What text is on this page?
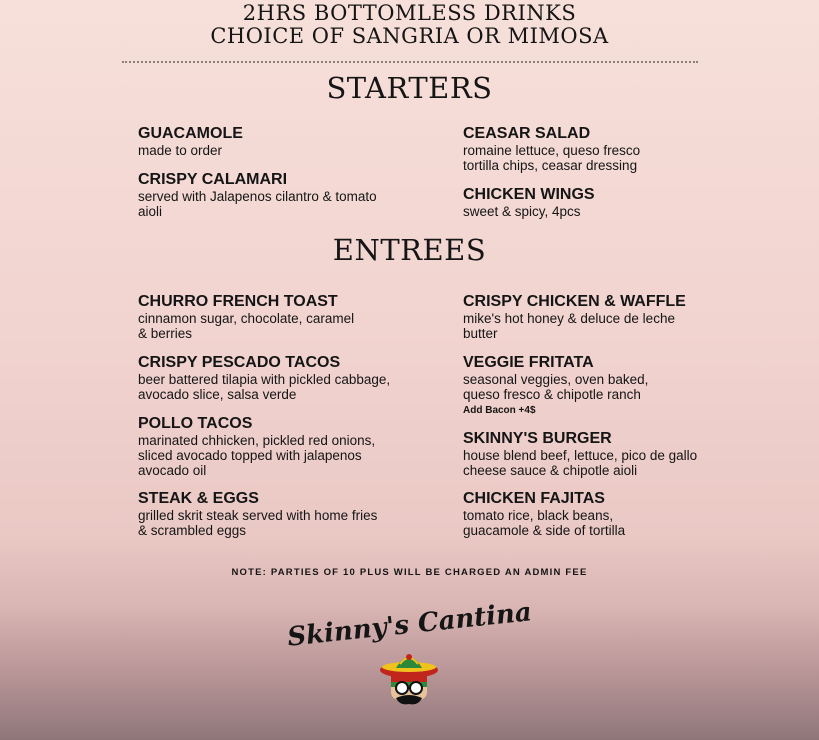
2HRS BOTTOMLESS DRINKS
CHOICE OF SANGRIA OR MIMOSA
STARTERS
GUACAMOLE
made to order
CRISPY CALAMARI
served with Jalapenos cilantro & tomato
aioli
CEASAR SALAD
romaine lettuce, queso fresco
tortilla chips, ceasar dressing
CHICKEN WINGS
sweet & spicy, 4pcs
ENTREES
CHURRO FRENCH TOAST
cinnamon sugar, chocolate, caramel
& berries
CRISPY PESCADO TACOS
beer battered tilapia with pickled cabbage,
avocado slice, salsa verde
POLLO TACOS
marinated chhicken, pickled red onions,
sliced avocado topped with jalapenos
avocado oil
STEAK & EGGS
grilled skrit steak served with home fries
& scrambled eggs
CRISPY CHICKEN & WAFFLE
mike's hot honey & deluce de leche
butter
VEGGIE FRITATA
seasonal veggies, oven baked,
queso fresco & chipotle ranch
Add Bacon +4$
SKINNY'S BURGER
house blend beef, lettuce, pico de gallo
cheese sauce & chipotle aioli
CHICKEN FAJITAS
tomato rice, black beans,
guacamole & side of tortilla
NOTE: PARTIES OF 10 PLUS WILL BE CHARGED AN ADMIN FEE
Skinny's Cantina
